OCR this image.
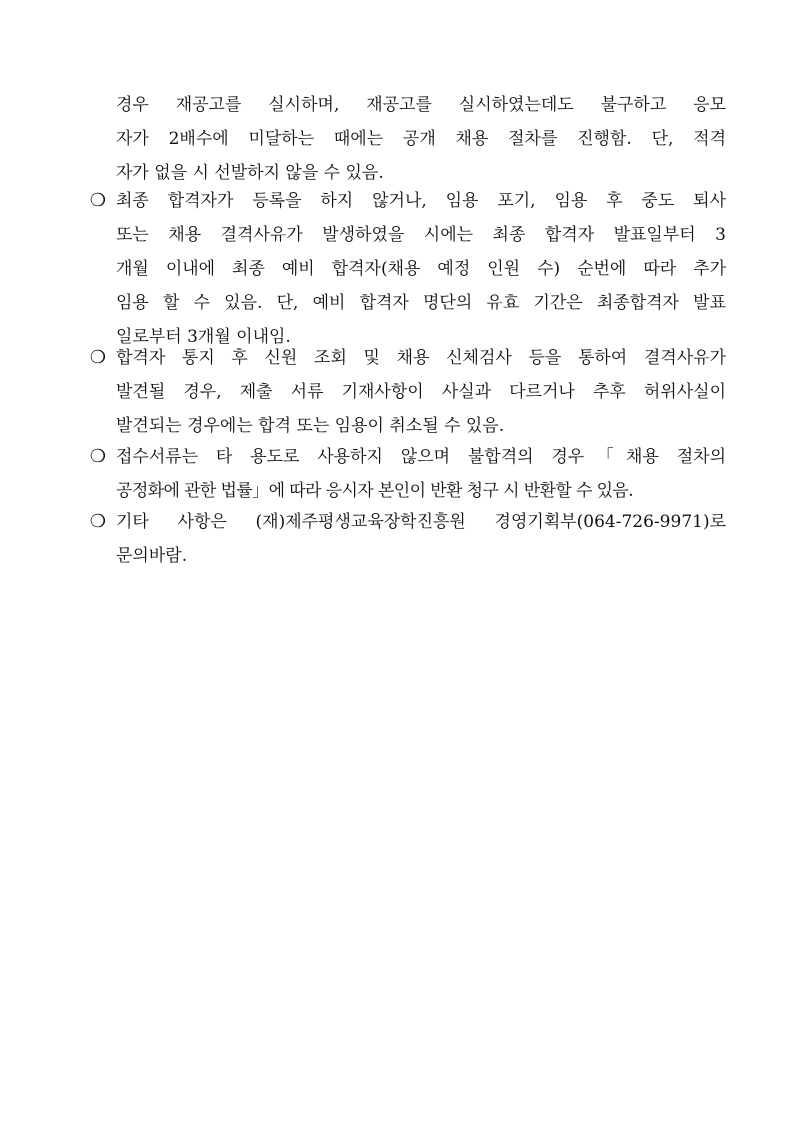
경우 재공고를 실시하며, 재공고를 실시하였는데도 불구하고 응모
자가 2배수에 미달하는 때에는 공개 채용 절차를 진행함. 단, 적격
자가 없을 시 선발하지 않을 수 있음.
❍ 최종 합격자가 등록을 하지 않거나, 임용 포기, 임용 후 중도 퇴사
또는 채용 결격사유가 발생하였을 시에는 최종 합격자 발표일부터 3
개월 이내에 최종 예비 합격자(채용 예정 인원 수) 순번에 따라 추가
임용 할 수 있음. 단, 예비 합격자 명단의 유효 기간은 최종합격자 발표
일로부터 3개월 이내임.
❍ 합격자 통지 후 신원 조회 및 채용 신체검사 등을 통하여 결격사유가
발견될 경우, 제출 서류 기재사항이 사실과 다르거나 추후 허위사실이
발견되는 경우에는 합격 또는 임용이 취소될 수 있음.
❍ 접수서류는 타 용도로 사용하지 않으며 불합격의 경우「채용 절차의
공정화에 관한 법률」에 따라 응시자 본인이 반환 청구 시 반환할 수 있음.
❍ 기타 사항은 (재)제주평생교육장학진흥원 경영기획부(064-726-9971)로
문의바람.
